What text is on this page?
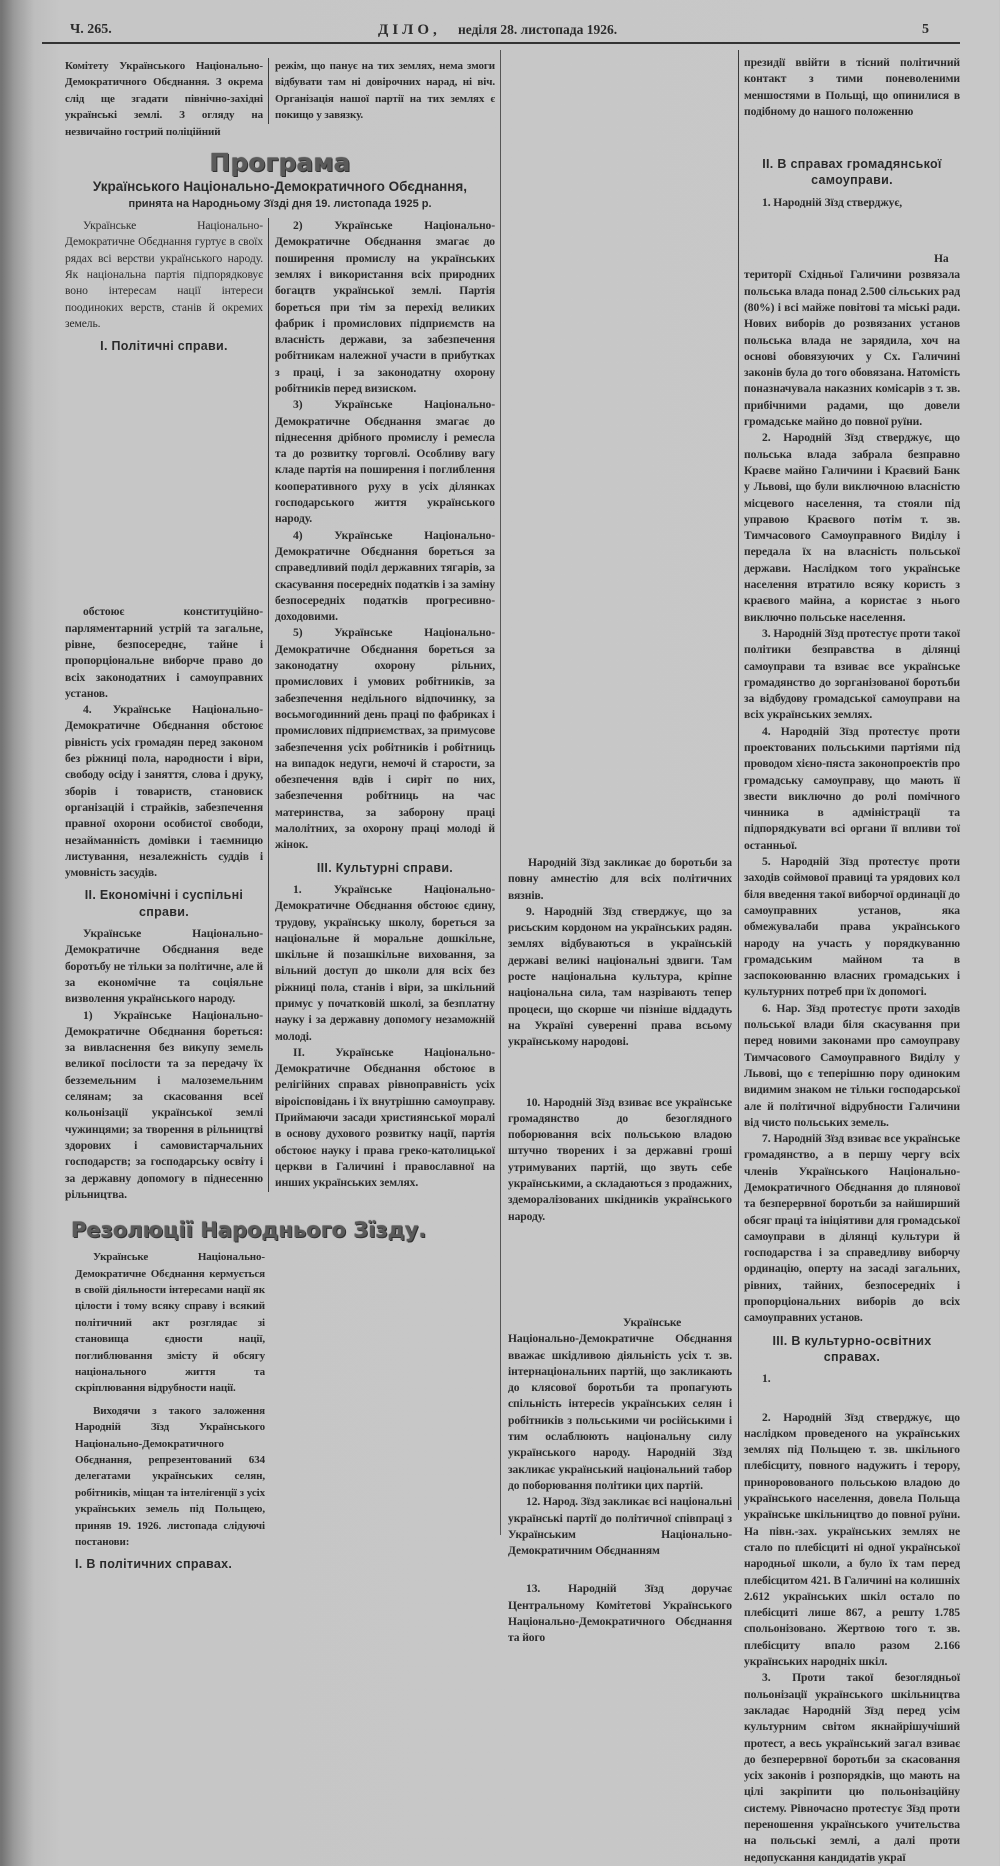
Ч. 265.	ДІЛО, неділя 28. листопада 1926.	5

Комітету Українського Національно-Демократичного Обєднання. З окрема слід ще згадати північно-західні українські землі. З огляду на незвичайно гострий поліційний

режім, що панує на тих землях, нема змоги відбувати там ні довірочних нарад, ні віч. Організація нашої партії на тих землях є покищо у завязку.

Програма
Українського Національно-Демократичного Обєднання,
принята на Народньому Зїзді дня 19. листопада 1925 р.

Українське Національно-Демократичне Обєднання гуртує в своїх рядах всі верстви українського народу. Як національна партія підпорядковує воно інтересам нації інтереси поодиноких верств, станів й окремих земель.

I. Політичні справи.

обстоює конституційно-парляментарний устрій та загальне, рівне, безпосереднє, тайне і пропорціональне виборче право до всіх законодатних і самоуправних установ.

4. Українське Національно-Демократичне Обєднання обстоює рівність усіх громадян перед законом без ріжниці пола, народности і віри, свободу осіду і заняття, слова і друку, зборів і товариств, становиск організацій і страйків, забезпечення правної охорони особистої свободи, незайманність домівки і таємницю листування, незалежність суддів і умовність засудів.

II. Економічні і суспільні справи.

Українське Національно-Демократичне Обєднання веде боротьбу не тільки за політичне, але й за економічне та соціяльне визволення українського народу.

1) Українське Національно-Демократичне Обєднання бореться: за вивласнення без викупу земель великої посілости та за передачу їх безземельним і малоземельним селянам; за скасовання всеї кольонізації української землі чужинцями; за творення в рільництві здорових і самовистарчальних господарств; за господарську освіту і за державну допомогу в піднесенню рільництва.

2) Українське Національно-Демократичне Обєднання змагає до поширення промислу на українських землях і використання всіх природних богацтв української землі. Партія бореться при тім за перехід великих фабрик і промислових підприємств на власність держави, за забезпечення робітникам належної участи в прибутках з праці, і за законодатну охорону робітників перед визиском.

3) Українське Національно-Демократичне Обєднання змагає до піднесення дрібного промислу і ремесла та до розвитку торговлі. Особливу вагу кладе партія на поширення і поглиблення кооперативного руху в усіх ділянках господарського життя українського народу.

4) Українське Національно-Демократичне Обєднання бореться за справедливий поділ державних тягарів, за скасування посередніх податків і за заміну безпосередніх податків прогресивно-доходовими.

5) Українське Національно-Демократичне Обєднання бореться за законодатну охорону рільних, промислових і умових робітників, за забезпечення недільного відпочинку, за восьмогодинний день праці по фабриках і промислових підприємствах, за примусове забезпечення усіх робітників і робітниць на випадок недуги, немочі й старости, за обезпечення вдів і сиріт по них, забезпечення робітниць на час материнства, за заборону праці малолітних, за охорону праці молоді й жінок.

III. Культурні справи.

1. Українське Національно-Демократичне Обєднання обстоює єдину, трудову, українську школу, бореться за національне й моральне дошкільне, шкільне й позашкільне виховання, за вільний доступ до школи для всіх без ріжниці пола, станів і віри, за шкільний примус у початковій школі, за безплатну науку і за державну допомогу незаможній молоді.

II. Українське Національно-Демократичне Обєднання обстоює в релігійних справах рівноправність усіх віроісповідань і їх внутрішню самоуправу. Приймаючи засади християнської моралі в основу духового розвитку нації, партія обстоює науку і права греко-католицької церкви в Галичині і православної на инших українських землях.

Резолюції Народнього Зїзду.

Українське Національно-Демократичне Обєднання кермується в своїй діяльности інтересами нації як цілости і тому всяку справу і всякий політичний акт розглядає зі становища єдности нації, поглиблювання змісту й обсягу національного життя та скріплювання відрубности нації.

Виходячи з такого заложення Народній Зїзд Українського Національно-Демократичного Обєднання, репрезентований 634 делегатами українських селян, робітників, міщан та інтелігенції з усіх українських земель під Польщею, приняв 19. 1926. листопада слідуючі постанови:

I. В політичних справах.

Народній Зїзд закликає до боротьби за повну амнестію для всіх політичних вязнів.

9. Народній Зїзд стверджує, що за рисьским кордоном на українських радян. землях відбуваються в українській державі великі національні здвиги. Там росте національна культура, кріпне національна сила, там назрівають тепер процеси, що скорше чи пізніше віддадуть на Україні суверенні права всьому українському народові.

10. Народній Зїзд взиває все українське громадянство до безоглядного поборювання всіх польською владою штучно творених і за державні гроші утримуваних партій, що звуть себе українськими, а складаються з продажних, здеморалізованих шкідників українського народу.

Українське Національно-Демократичне Обєднання вважає шкідливою діяльність усіх т. зв. інтернаціональних партій, що закликають до клясової боротьби та пропагують спільність інтересів українських селян і робітників з польськими чи російськими і тим ослаблюють національну силу українського народу. Народній Зїзд закликає український національний табор до поборювання політики цих партій.

12. Народ. Зїзд закликає всі національні українські партії до політичної співпраці з Українським Національно-Демократичним Обєднанням

13. Народній Зїзд доручає Центральному Комітетові Українського Національно-Демократичного Обєднання та його

президії ввійти в тісний політичний контакт з тими поневоленими меншостями в Польщі, що опинилися в подібному до нашого положенню

II. В справах громадянської самоуправи.

1. Народній Зїзд стверджує,

На території Східньої Галичини розвязала польська влада понад 2.500 сільських рад (80%) і всі майже повітові та міські ради. Нових виборів до розвязаних установ польська влада не зарядила, хоч на основі обовязуючих у Сх. Галичині законів була до того обовязана. Натомість поназначувала наказних комісарів з т. зв. прибічними радами, що довели громадське майно до повної руїни.

2. Народній Зїзд стверджує, що польська влада забрала безправно Краєве майно Галичини і Краєвий Банк у Львові, що були виключною власністю місцевого населення, та стояли під управою Краєвого потім т. зв. Тимчасового Самоуправного Виділу і передала їх на власність польської держави. Наслідком того українське населення втратило всяку користь з краєвого майна, а користає з нього виключно польське населення.

3. Народній Зїзд протестує проти такої політики безправства в ділянці самоуправи та взиває все українське громадянство до зорганізованої боротьби за відбудову громадської самоуправи на всіх українських землях.

4. Народній Зїзд протестує проти проектованих польськими партіями під проводом хієно-пяста законопроектів про громадську самоуправу, що мають її звести виключно до ролі помічного чинника в адміністрації та підпорядкувати всі органи її впливи тої останньої.

5. Народній Зїзд протестує проти заходів соймової правиці та урядових кол біля введення такої виборчої ординації до самоуправних установ, яка обмежувалаби права українського народу на участь у порядкуванню громадським майном та в заспокоюванню власних громадських і культурних потреб при їх допомогі.

6. Нар. Зїзд протестує проти заходів польської влади біля скасування при перед новими законами про самоуправу Тимчасового Самоуправного Виділу у Львові, що є теперішню пору одиноким видимим знаком не тільки господарської але й політичної відрубности Галичини від чисто польських земель.

7. Народній Зїзд взиває все українське громадянство, а в першу чергу всіх членів Українського Національно-Демократичного Обєднання до плянової та безперервної боротьби за найширший обсяг праці та ініціятиви для громадської самоуправи в ділянці культури й господарства і за справедливу виборчу ординацію, оперту на засаді загальних, рівних, тайних, безпосередніх і пропорціональних виборів до всіх самоуправних установ.

III. В культурно-освітних справах.

1.

2. Народній Зїзд стверджує, що наслідком проведеного на українських землях під Польщею т. зв. шкільного плебісциту, повного надужить і терору, приноровованого польською владою до українського населення, довела Польща українське шкільництво до повної руїни. На півн.-зах. українських землях не стало по плебісциті ні одної української народньої школи, а було їх там перед плебісцитом 421. В Галичині на колишніх 2.612 українських шкіл остало по плебісциті лише 867, а решту 1.785 спольонізовано. Жертвою того т. зв. плебісциту впало разом 2.166 українських народніх шкіл.

3. Проти такої безоглядньої польонізації українського шкільництва закладає Народній Зїзд перед усім культурним світом якнайрішучіший протест, а весь український загал взиває до безперервної боротьби за скасовання усіх законів і розпорядків, що мають на цілі закріпити цю польонізаційну систему. Рівночасно протестує Зїзд проти переношення українського учительства на польські землі, а далі проти недопускання кандидатів украї
